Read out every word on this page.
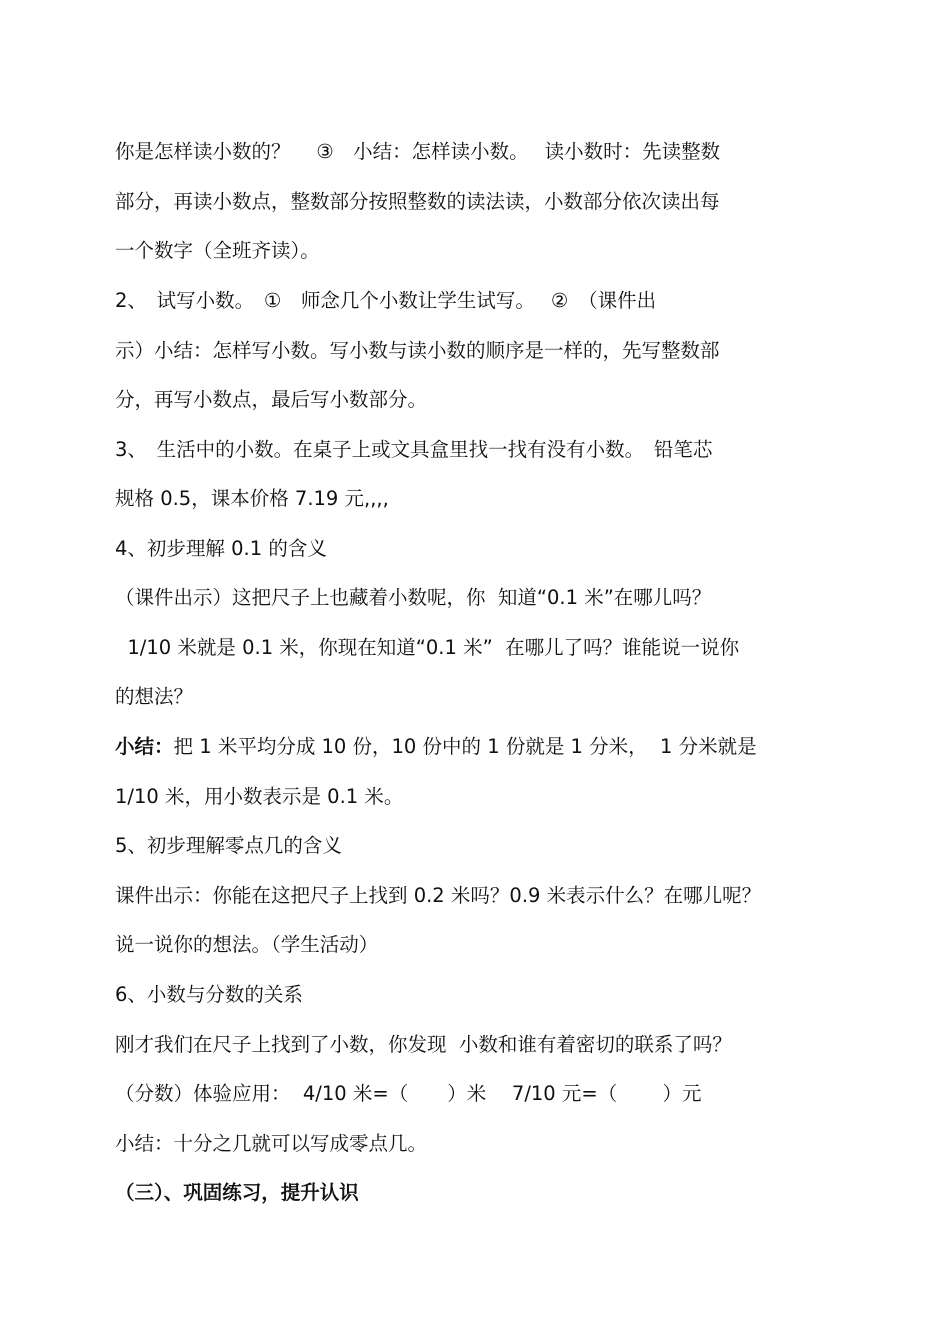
你是怎样读小数的？　 ③　小结：怎样读小数。　 读小数时：先读整数
部分，再读小数点，整数部分按照整数的读法读，小数部分依次读出每
一个数字（全班齐读）。
2、　试写小数。　①　师念几个小数让学生试写。　 ②　（课件出
示）小结：怎样写小数。写小数与读小数的顺序是一样的，先写整数部
分，再写小数点，最后写小数部分。
3、　生活中的小数。在桌子上或文具盒里找一找有没有小数。　铅笔芯
规格 0.5，课本价格 7.19 元,,,,
4、初步理解 0.1 的含义
（课件出示）这把尺子上也藏着小数呢，你  知道“0.1 米”在哪儿吗？
1/10 米就是 0.1 米，你现在知道“0.1 米”  在哪儿了吗？谁能说一说你
的想法？
小结：把 1 米平均分成 10 份，10 份中的 1 份就是 1 分米，  1 分米就是
1/10 米，用小数表示是 0.1 米。
5、初步理解零点几的含义
课件出示：你能在这把尺子上找到 0.2 米吗？0.9 米表示什么？在哪儿呢？
说一说你的想法。（学生活动）
6、小数与分数的关系
刚才我们在尺子上找到了小数，你发现  小数和谁有着密切的联系了吗？
（分数）体验应用：  4/10 米=（　　）米　 7/10 元=（　　 ）元
小结：十分之几就可以写成零点几。
（三）、巩固练习，提升认识
